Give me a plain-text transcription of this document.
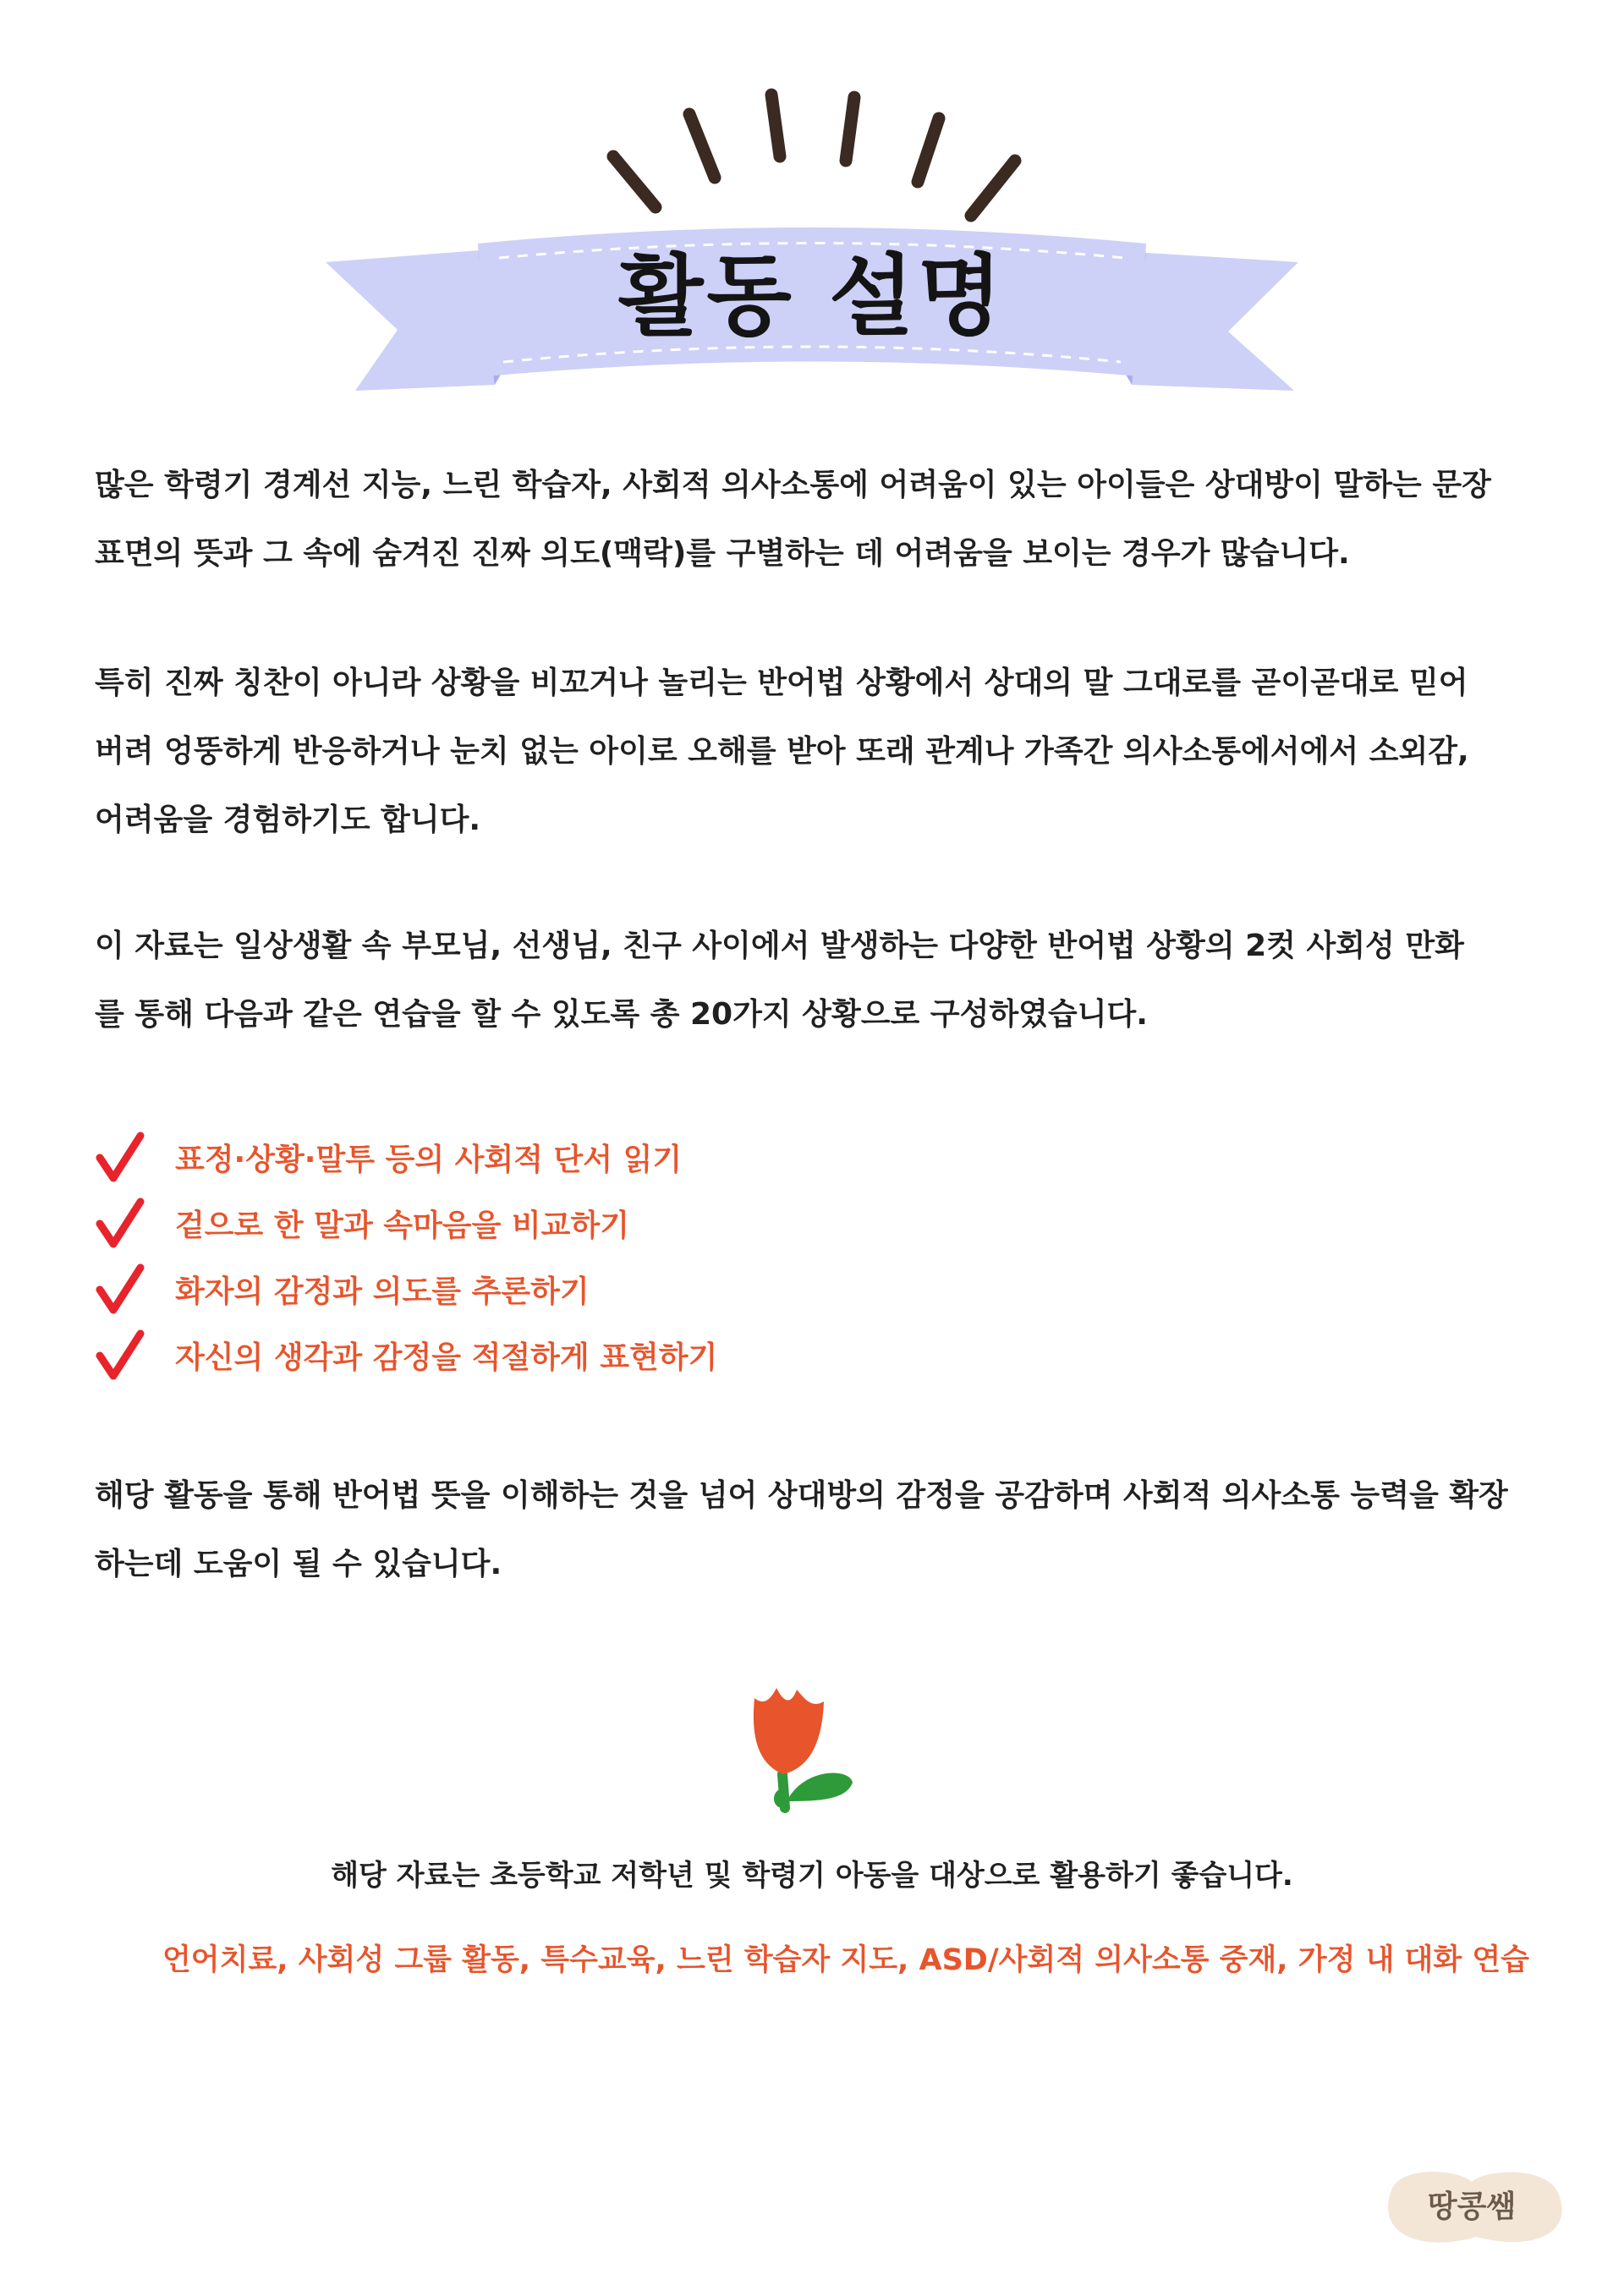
활동 설명
많은 학령기 경계선 지능, 느린 학습자, 사회적 의사소통에 어려움이 있는 아이들은 상대방이 말하는 문장
표면의 뜻과 그 속에 숨겨진 진짜 의도(맥락)를 구별하는 데 어려움을 보이는 경우가 많습니다.
특히 진짜 칭찬이 아니라 상황을 비꼬거나 놀리는 반어법 상황에서 상대의 말 그대로를 곧이곧대로 믿어
버려 엉뚱하게 반응하거나 눈치 없는 아이로 오해를 받아 또래 관계나 가족간 의사소통에서에서 소외감,
어려움을 경험하기도 합니다.
이 자료는 일상생활 속 부모님, 선생님, 친구 사이에서 발생하는 다양한 반어법 상황의 2컷 사회성 만화
를 통해 다음과 같은 연습을 할 수 있도록 총 20가지 상황으로 구성하였습니다.
표정·상황·말투 등의 사회적 단서 읽기
겉으로 한 말과 속마음을 비교하기
화자의 감정과 의도를 추론하기
자신의 생각과 감정을 적절하게 표현하기
해당 활동을 통해 반어법 뜻을 이해하는 것을 넘어 상대방의 감정을 공감하며 사회적 의사소통 능력을 확장
하는데 도움이 될 수 있습니다.
해당 자료는 초등학교 저학년 및 학령기 아동을 대상으로 활용하기 좋습니다.
언어치료, 사회성 그룹 활동, 특수교육, 느린 학습자 지도, ASD/사회적 의사소통 중재, 가정 내 대화 연습
땅콩쌤
